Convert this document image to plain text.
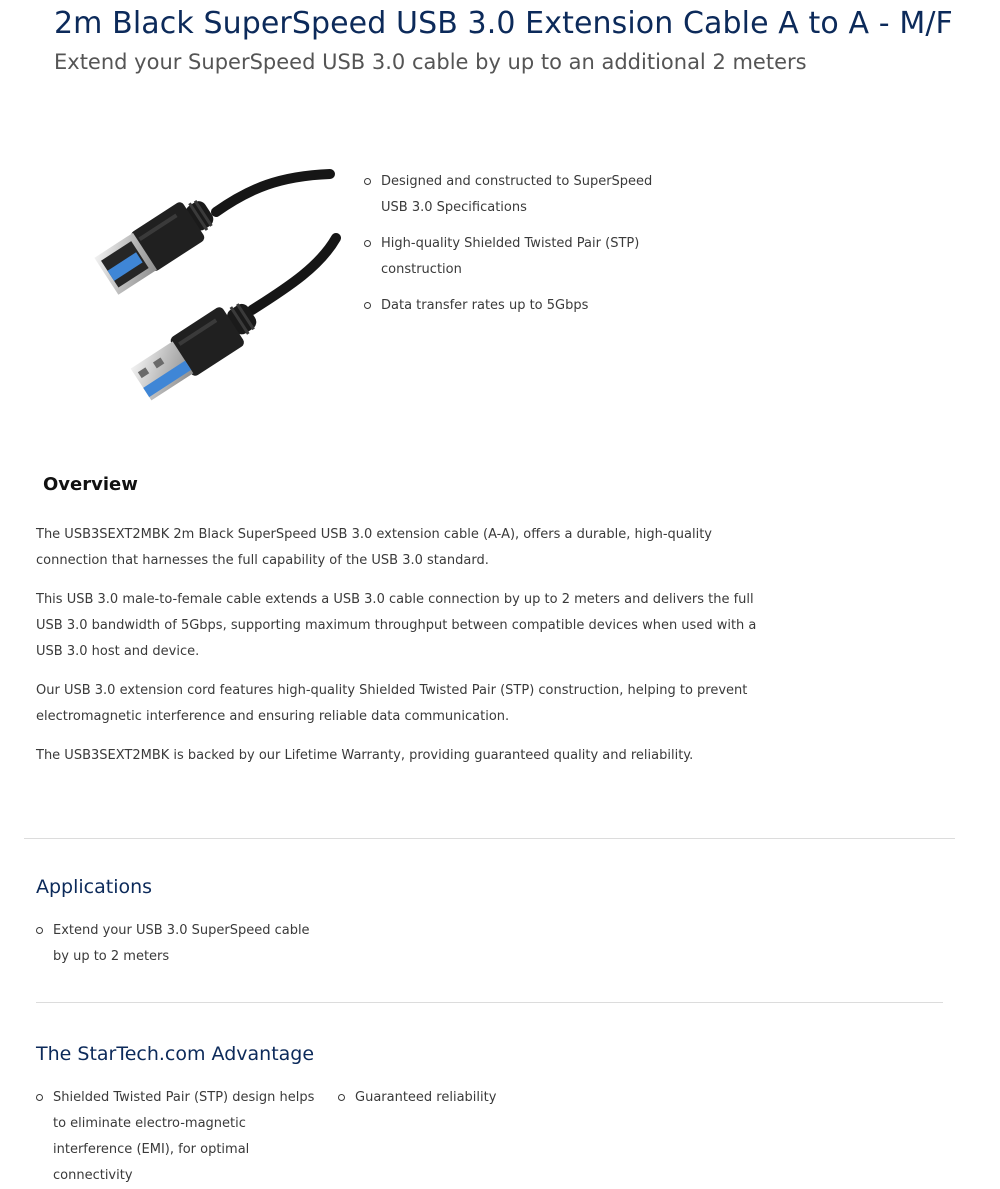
2m Black SuperSpeed USB 3.0 Extension Cable A to A - M/F
Extend your SuperSpeed USB 3.0 cable by up to an additional 2 meters
Designed and constructed to SuperSpeed USB 3.0 Specifications
High-quality Shielded Twisted Pair (STP) construction
Data transfer rates up to 5Gbps
Overview

The USB3SEXT2MBK 2m Black SuperSpeed USB 3.0 extension cable (A-A), offers a durable, high-quality connection that harnesses the full capability of the USB 3.0 standard.

This USB 3.0 male-to-female cable extends a USB 3.0 cable connection by up to 2 meters and delivers the full USB 3.0 bandwidth of 5Gbps, supporting maximum throughput between compatible devices when used with a USB 3.0 host and device.

Our USB 3.0 extension cord features high-quality Shielded Twisted Pair (STP) construction, helping to prevent electromagnetic interference and ensuring reliable data communication.

The USB3SEXT2MBK is backed by our Lifetime Warranty, providing guaranteed quality and reliability.

Applications
Extend your USB 3.0 SuperSpeed cable by up to 2 meters
The StarTech.com Advantage
Shielded Twisted Pair (STP) design helps to eliminate electro-magnetic interference (EMI), for optimal connectivity
Guaranteed reliability
